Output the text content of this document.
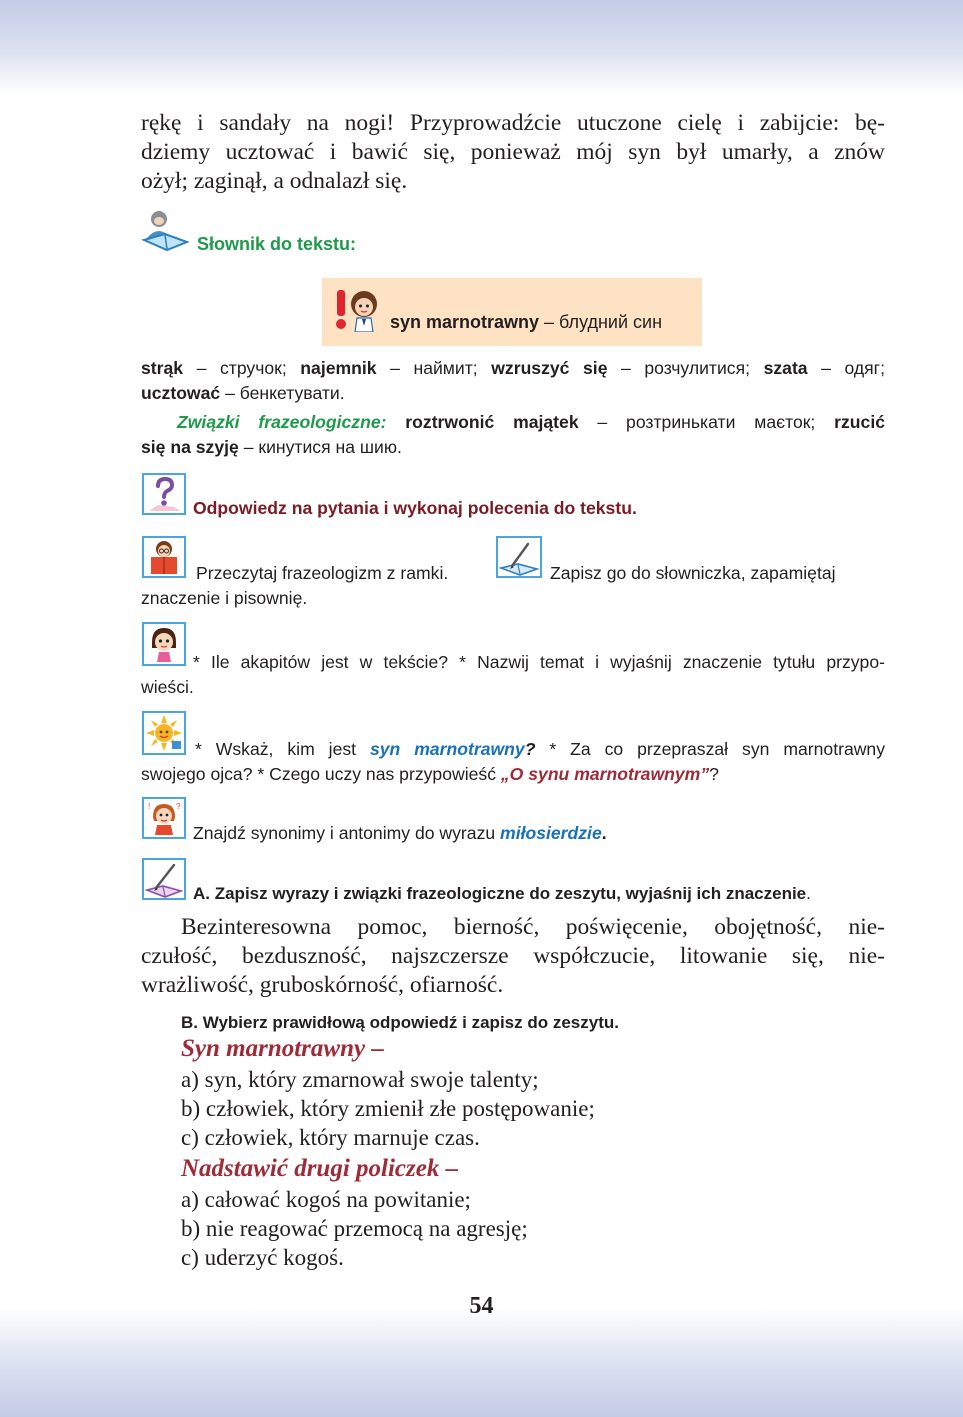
rękę i sandały na nogi! Przyprowadźcie utuczone cielę i zabijcie: bę-
dziemy ucztować i bawić się, ponieważ mój syn był umarły, a znów
ożył; zaginął, a odnalazł się.
Słownik do tekstu:
syn marnotrawny – блудний син
strąk – стручок; najemnik – наймит; wzruszyć się – розчулитися; szata – одяг;
ucztować – бенкетувати.
Związki frazeologiczne: roztrwonić majątek – розтринькати маєток; rzucić
się na szyję – кинутися на шию.
Odpowiedz na pytania i wykonaj polecenia do tekstu.
Przeczytaj frazeologizm z ramki.	Zapisz go do słowniczka, zapamiętaj
znaczenie i pisownię.
* Ile akapitów jest w tekście? * Nazwij temat i wyjaśnij znaczenie tytułu przypo-
wieści.
* Wskaż, kim jest syn marnotrawny? * Za co przepraszał syn marnotrawny
swojego ojca? * Czego uczy nas przypowieść „O synu marnotrawnym”?
!	?
Znajdź synonimy i antonimy do wyrazu miłosierdzie.
A. Zapisz wyrazy i związki frazeologiczne do zeszytu, wyjaśnij ich znaczenie.
Bezinteresowna pomoc, bierność, poświęcenie, obojętność, nie-
czułość, bezduszność, najszczersze współczucie, litowanie się, nie-
wrażliwość, gruboskórność, ofiarność.
B. Wybierz prawidłową odpowiedź i zapisz do zeszytu.
Syn marnotrawny –
a) syn, który zmarnował swoje talenty;
b) człowiek, który zmienił złe postępowanie;
c) człowiek, który marnuje czas.
Nadstawić drugi policzek –
a) całować kogoś na powitanie;
b) nie reagować przemocą na agresję;
c) uderzyć kogoś.
54
